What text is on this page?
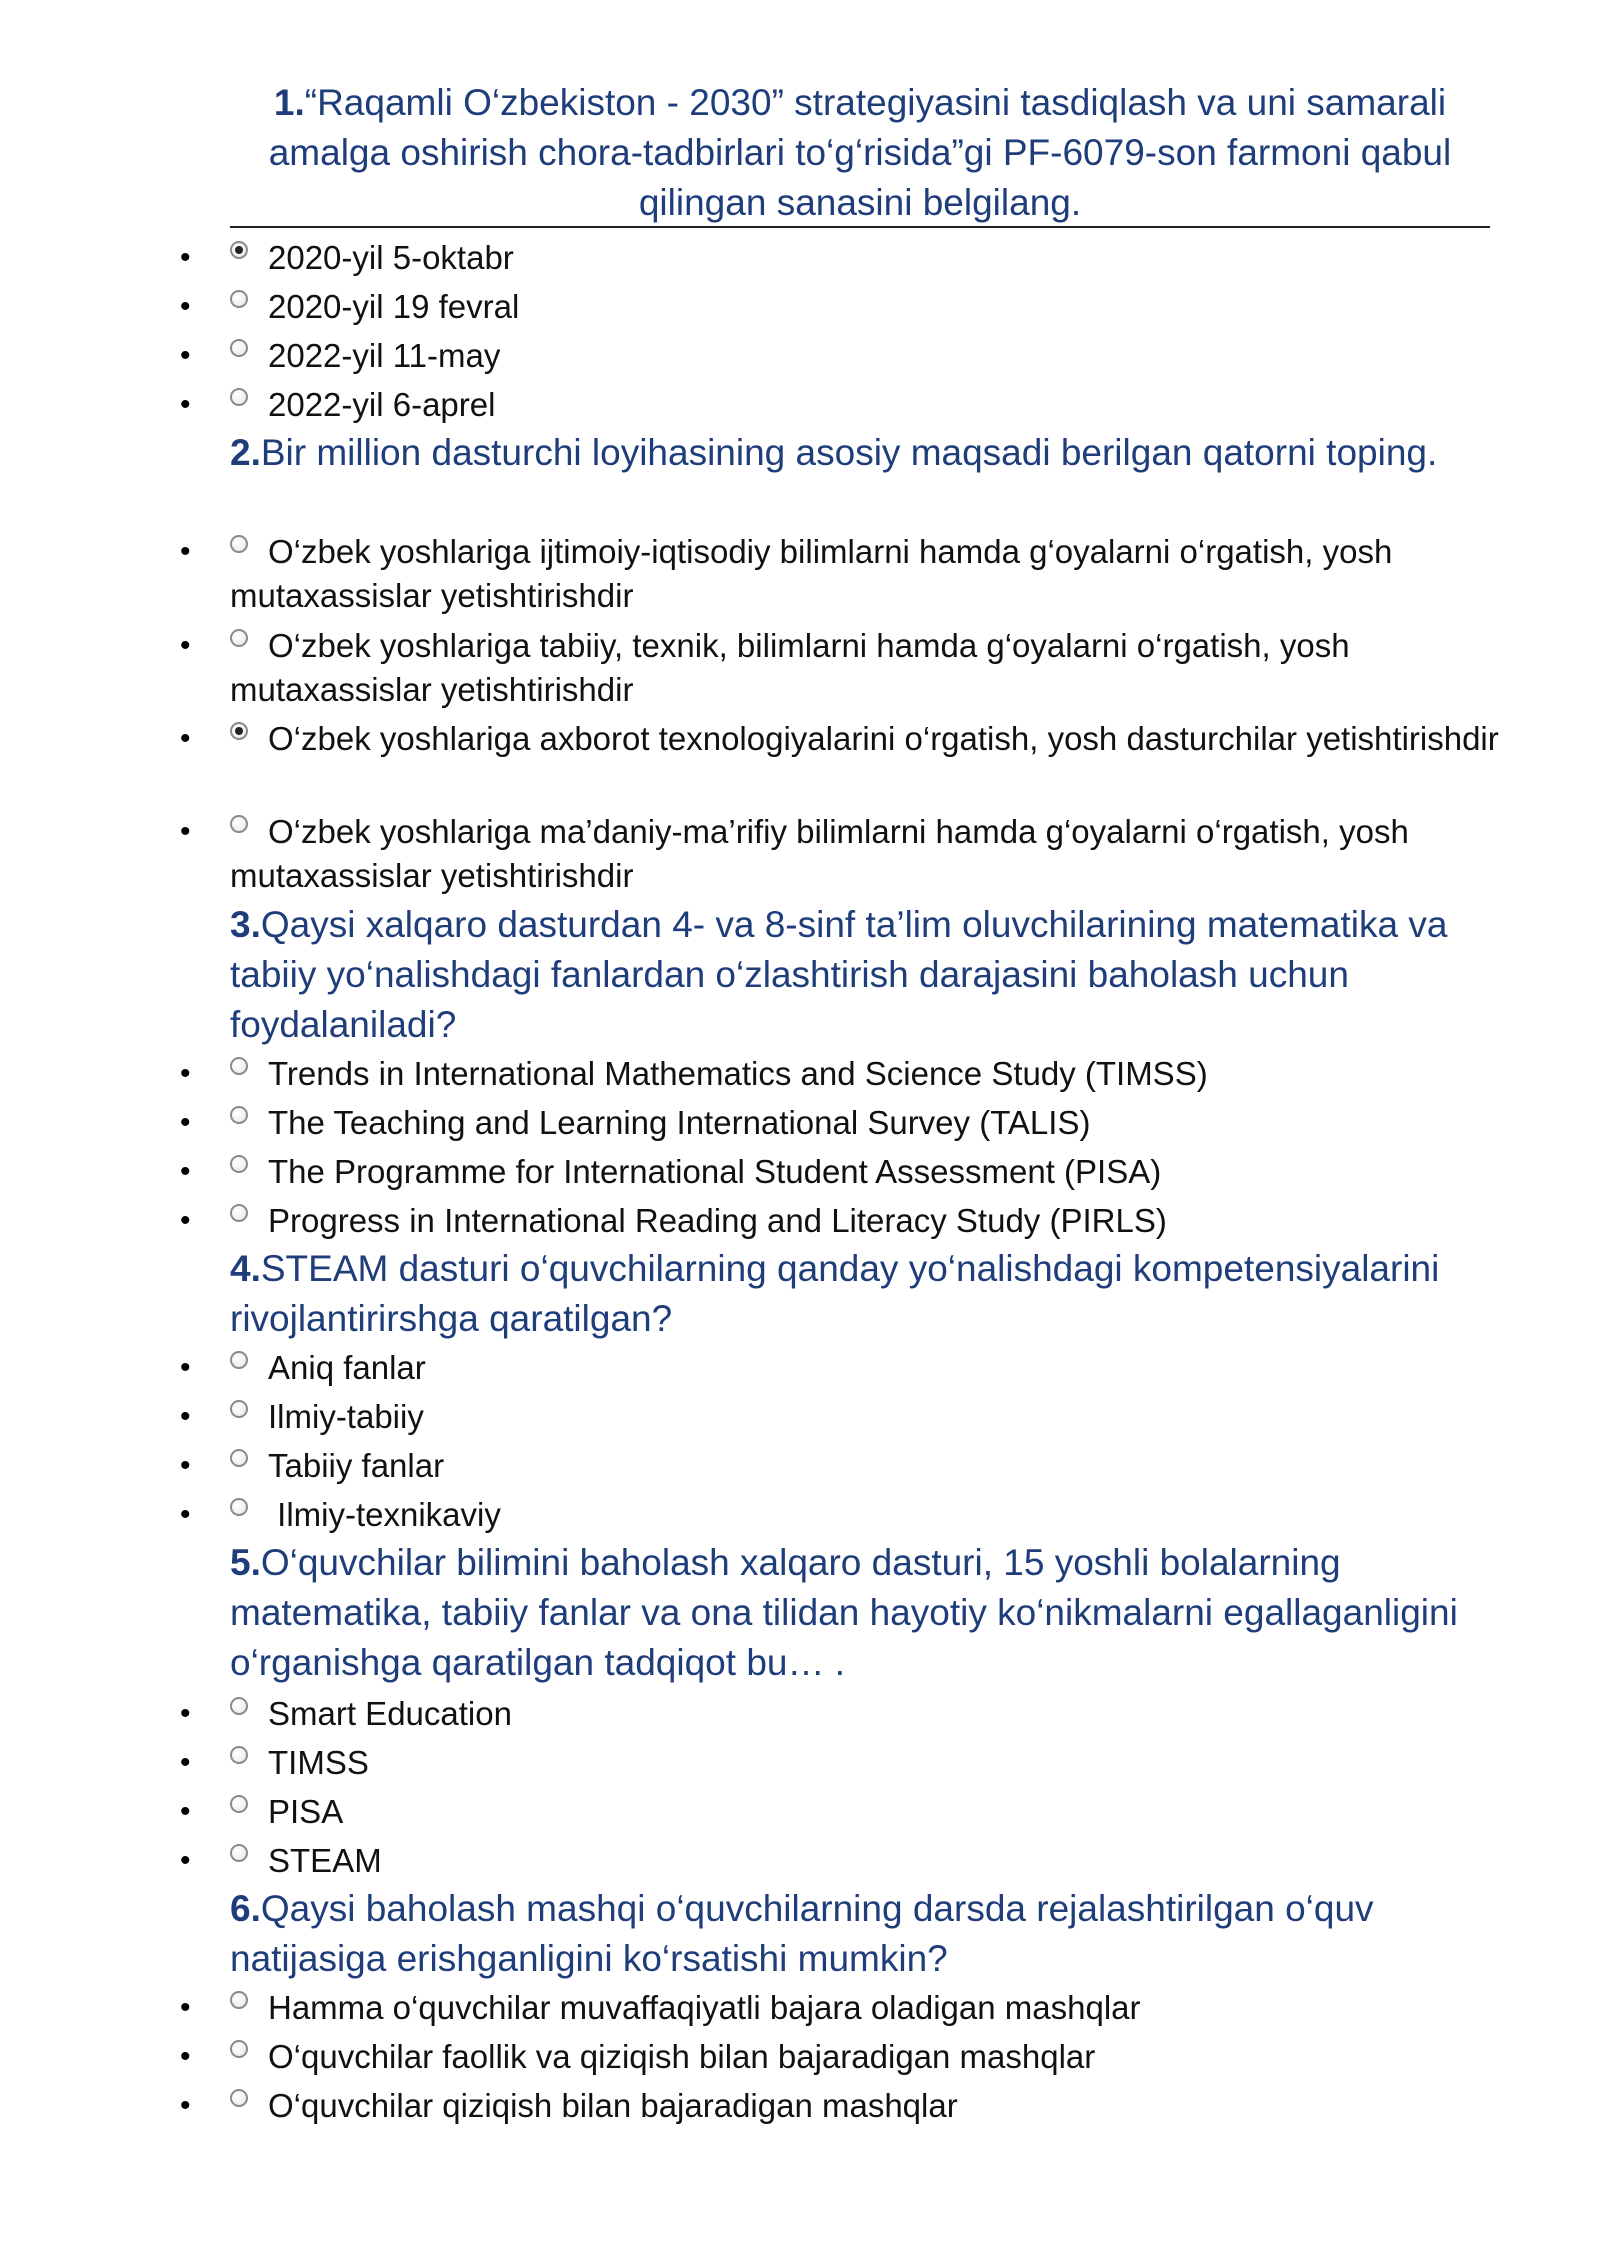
1.“Raqamli O‘zbekiston - 2030” strategiyasini tasdiqlash va uni samarali amalga oshirish chora-tadbirlari to‘g‘risida”gi PF-6079-son farmoni qabul qilingan sanasini belgilang.
• 2020-yil 5-oktabr
• 2020-yil 19 fevral
• 2022-yil 11-may
• 2022-yil 6-aprel
2.Bir million dasturchi loyihasining asosiy maqsadi berilgan qatorni toping.
• O‘zbek yoshlariga ijtimoiy-iqtisodiy bilimlarni hamda g‘oyalarni o‘rgatish, yosh mutaxassislar yetishtirishdir
• O‘zbek yoshlariga tabiiy, texnik, bilimlarni hamda g‘oyalarni o‘rgatish, yosh mutaxassislar yetishtirishdir
• O‘zbek yoshlariga axborot texnologiyalarini o‘rgatish, yosh dasturchilar yetishtirishdir
• O‘zbek yoshlariga ma’daniy-ma’rifiy bilimlarni hamda g‘oyalarni o‘rgatish, yosh mutaxassislar yetishtirishdir
3.Qaysi xalqaro dasturdan 4- va 8-sinf ta’lim oluvchilarining matematika va tabiiy yo‘nalishdagi fanlardan o‘zlashtirish darajasini baholash uchun foydalaniladi?
• Trends in International Mathematics and Science Study (TIMSS)
• The Teaching and Learning International Survey (TALIS)
• The Programme for International Student Assessment (PISA)
• Progress in International Reading and Literacy Study (PIRLS)
4.STEAM dasturi o‘quvchilarning qanday yo‘nalishdagi kompetensiyalarini rivojlantirirshga qaratilgan?
• Aniq fanlar
• Ilmiy-tabiiy
• Tabiiy fanlar
• Ilmiy-texnikaviy
5.O‘quvchilar bilimini baholash xalqaro dasturi, 15 yoshli bolalarning matematika, tabiiy fanlar va ona tilidan hayotiy ko‘nikmalarni egallaganligini o‘rganishga qaratilgan tadqiqot bu… .
• Smart Education
• TIMSS
• PISA
• STEAM
6.Qaysi baholash mashqi o‘quvchilarning darsda rejalashtirilgan o‘quv natijasiga erishganligini ko‘rsatishi mumkin?
• Hamma o‘quvchilar muvaffaqiyatli bajara oladigan mashqlar
• O‘quvchilar faollik va qiziqish bilan bajaradigan mashqlar
• O‘quvchilar qiziqish bilan bajaradigan mashqlar
